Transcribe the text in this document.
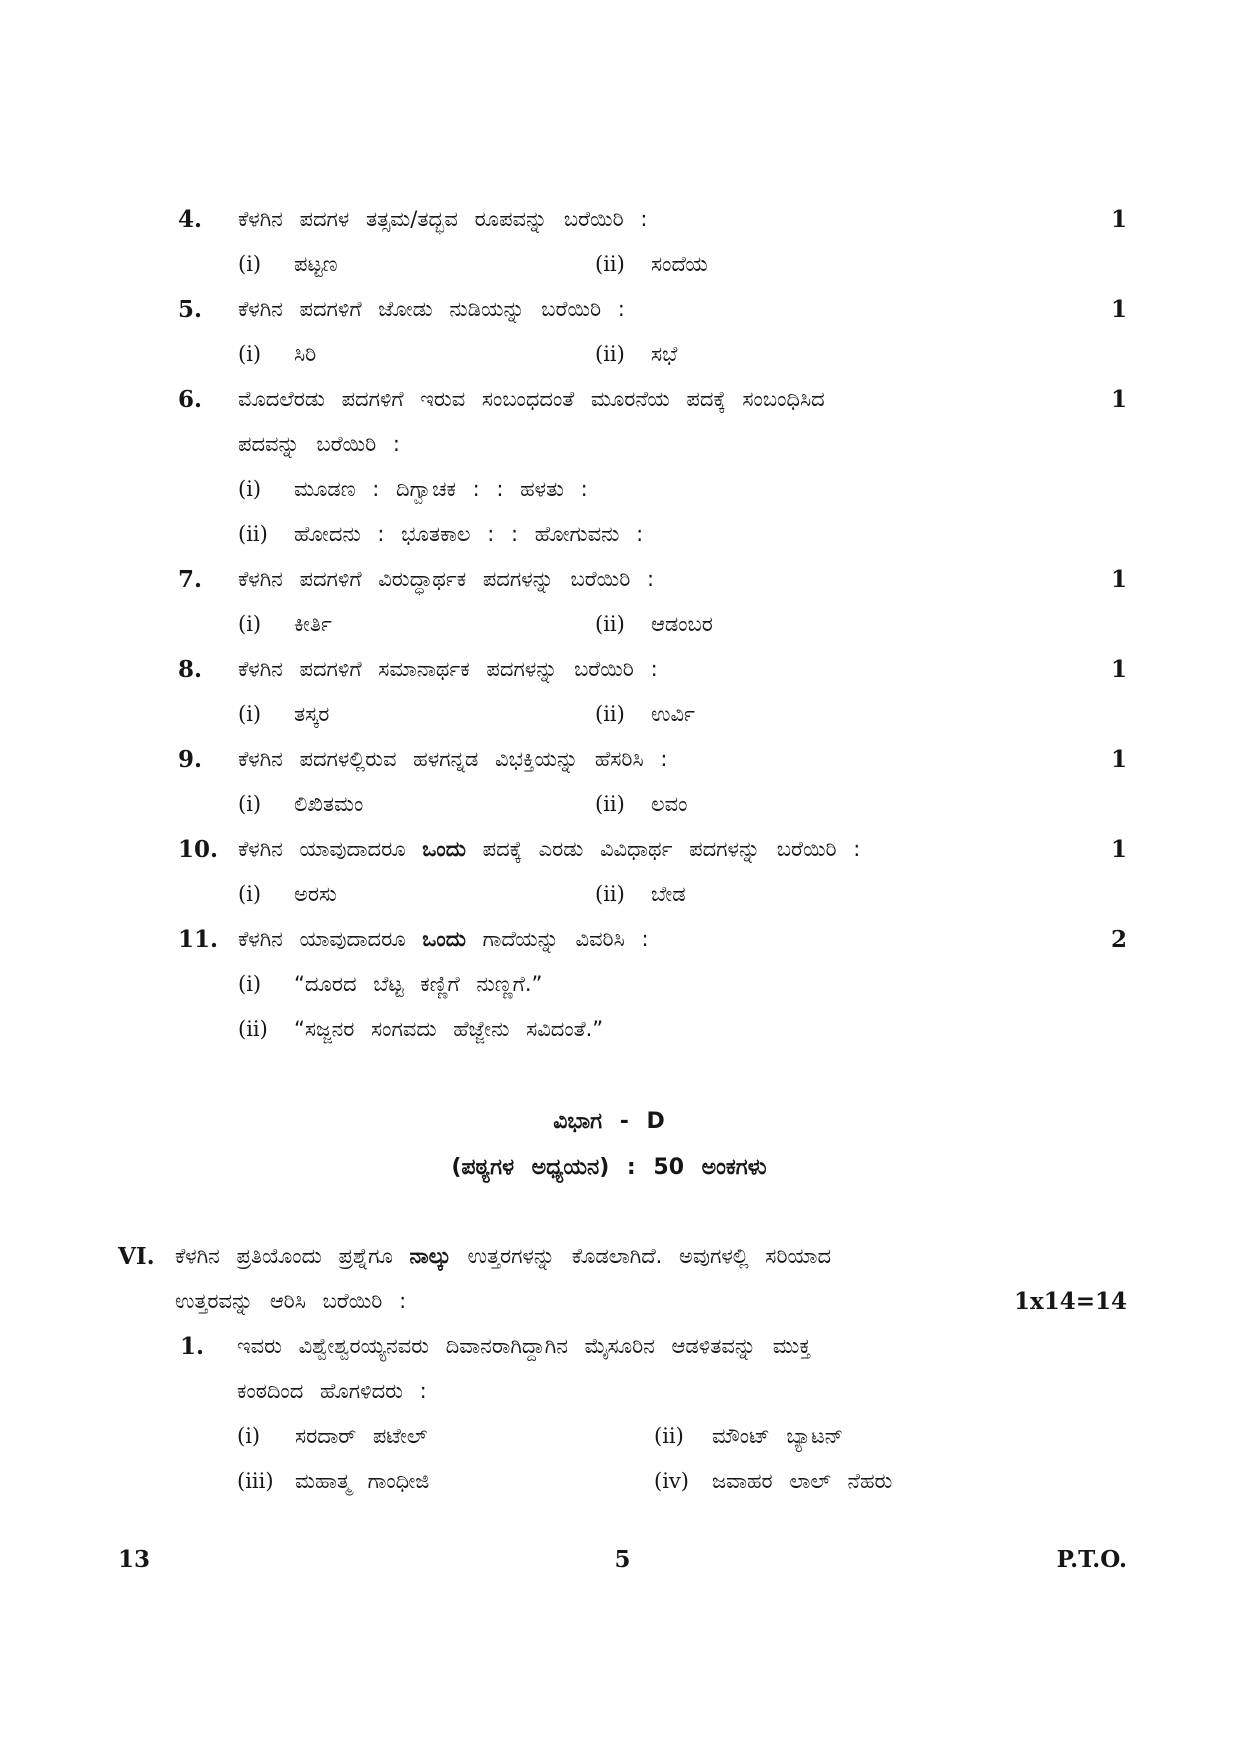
4.	ಕೆಳಗಿನ ಪದಗಳ ತತ್ಸಮ/ತದ್ಭವ ರೂಪವನ್ನು ಬರೆಯಿರಿ :
(i)	ಪಟ್ಟಣ	(ii)	ಸಂದೆಯ
1
5.	ಕೆಳಗಿನ ಪದಗಳಿಗೆ ಜೋಡು ನುಡಿಯನ್ನು ಬರೆಯಿರಿ :
(i)	ಸಿರಿ	(ii)	ಸಭೆ
1
6.	ಮೊದಲೆರಡು ಪದಗಳಿಗೆ ಇರುವ ಸಂಬಂಧದಂತೆ ಮೂರನೆಯ ಪದಕ್ಕೆ ಸಂಬಂಧಿಸಿದ
ಪದವನ್ನು ಬರೆಯಿರಿ :
(i)	ಮೂಡಣ : ದಿಗ್ವಾಚಕ : : ಹಳತು :
(ii)	ಹೋದನು : ಭೂತಕಾಲ : : ಹೋಗುವನು :
1
7.	ಕೆಳಗಿನ ಪದಗಳಿಗೆ ವಿರುದ್ಧಾರ್ಥಕ ಪದಗಳನ್ನು ಬರೆಯಿರಿ :
(i)	ಕೀರ್ತಿ	(ii)	ಆಡಂಬರ
1
8.	ಕೆಳಗಿನ ಪದಗಳಿಗೆ ಸಮಾನಾರ್ಥಕ ಪದಗಳನ್ನು ಬರೆಯಿರಿ :
(i)	ತಸ್ಕರ	(ii)	ಉರ್ವಿ
1
9.	ಕೆಳಗಿನ ಪದಗಳಲ್ಲಿರುವ ಹಳಗನ್ನಡ ವಿಭಕ್ತಿಯನ್ನು ಹೆಸರಿಸಿ :
(i)	ಲಿಖಿತಮಂ	(ii)	ಲವಂ
1
10. ಕೆಳಗಿನ ಯಾವುದಾದರೂ ಒಂದು ಪದಕ್ಕೆ ಎರಡು ವಿವಿಧಾರ್ಥ ಪದಗಳನ್ನು ಬರೆಯಿರಿ :
(i)	ಅರಸು	(ii)	ಬೇಡ
1
11. ಕೆಳಗಿನ ಯಾವುದಾದರೂ ಒಂದು ಗಾದೆಯನ್ನು ವಿವರಿಸಿ :
(i)	“ದೂರದ ಬೆಟ್ಟ ಕಣ್ಣಿಗೆ ನುಣ್ಣಗೆ.”
(ii)	“ಸಜ್ಜನರ ಸಂಗವದು ಹೆಜ್ಜೇನು ಸವಿದಂತೆ.”
2
ವಿಭಾಗ - D
(ಪಠ್ಯಗಳ ಅಧ್ಯಯನ) : 50 ಅಂಕಗಳು
VI. ಕೆಳಗಿನ ಪ್ರತಿಯೊಂದು ಪ್ರಶ್ನೆಗೂ ನಾಲ್ಕು ಉತ್ತರಗಳನ್ನು ಕೊಡಲಾಗಿದೆ. ಅವುಗಳಲ್ಲಿ ಸರಿಯಾದ
ಉತ್ತರವನ್ನು ಆರಿಸಿ ಬರೆಯಿರಿ :	1x14=14
1.	ಇವರು ವಿಶ್ವೇಶ್ವರಯ್ಯನವರು ದಿವಾನರಾಗಿದ್ದಾಗಿನ ಮೈಸೂರಿನ ಆಡಳಿತವನ್ನು ಮುಕ್ತ
ಕಂಠದಿಂದ ಹೊಗಳಿದರು :
(i)	ಸರದಾರ್ ಪಟೇಲ್	(ii)	ಮೌಂಟ್ ಬ್ಯಾಟನ್
(iii)	ಮಹಾತ್ಮ ಗಾಂಧೀಜಿ	(iv)	ಜವಾಹರ ಲಾಲ್ ನೆಹರು
13	5	P.T.O.
